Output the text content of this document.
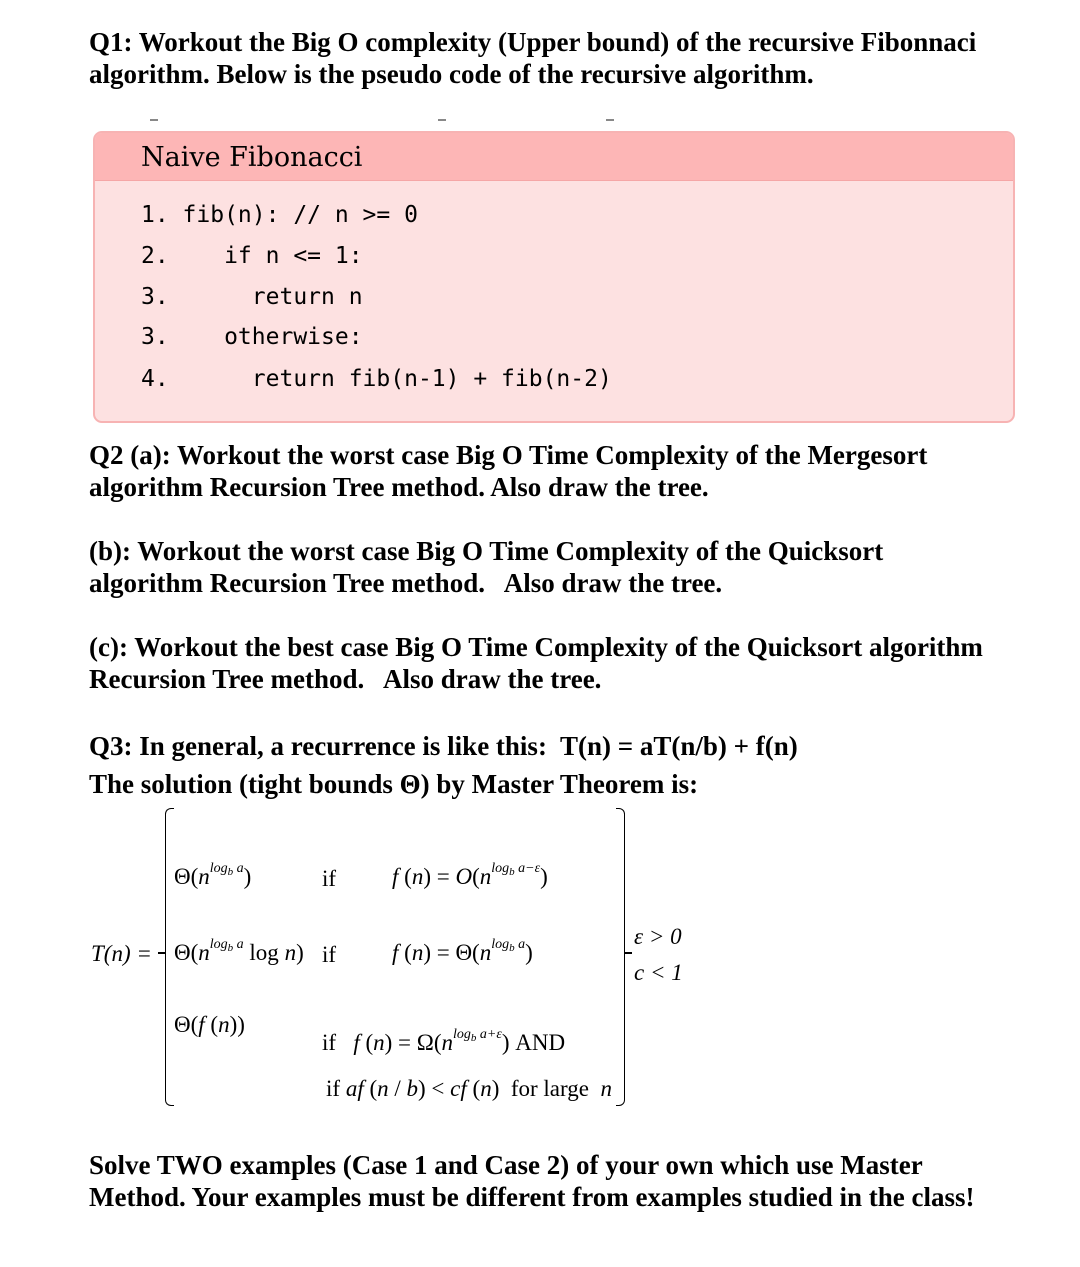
Q1: Workout the Big O complexity (Upper bound) of the recursive Fibonnaci
algorithm. Below is the pseudo code of the recursive algorithm.
Naive Fibonacci
1. fib(n): // n >= 0
2.    if n <= 1:
3.      return n
3.    otherwise:
4.      return fib(n-1) + fib(n-2)
Q2 (a): Workout the worst case Big O Time Complexity of the Mergesort
algorithm Recursion Tree method. Also draw the tree.
(b): Workout the worst case Big O Time Complexity of the Quicksort
algorithm Recursion Tree method.   Also draw the tree.
(c): Workout the best case Big O Time Complexity of the Quicksort algorithm
Recursion Tree method.   Also draw the tree.
Q3: In general, a recurrence is like this:  T(n) = aT(n/b) + f(n)
The solution (tight bounds Θ) by Master Theorem is:
T(n) =
$\Theta(n^{log_b a})$	if f $(n) = O(n^{log_b a-\varepsilon})$
$\Theta(n^{log_b a}$ log n) if f $(n) = \Theta(n^{log_b a})$
Θ(f (n))
if   f $(n) = \Omega(n^{log_b a+\varepsilon})$ AND
if af (n / b) < cf (n)  for large  n
ε > 0
c < 1
Solve TWO examples (Case 1 and Case 2) of your own which use Master
Method. Your examples must be different from examples studied in the class!
